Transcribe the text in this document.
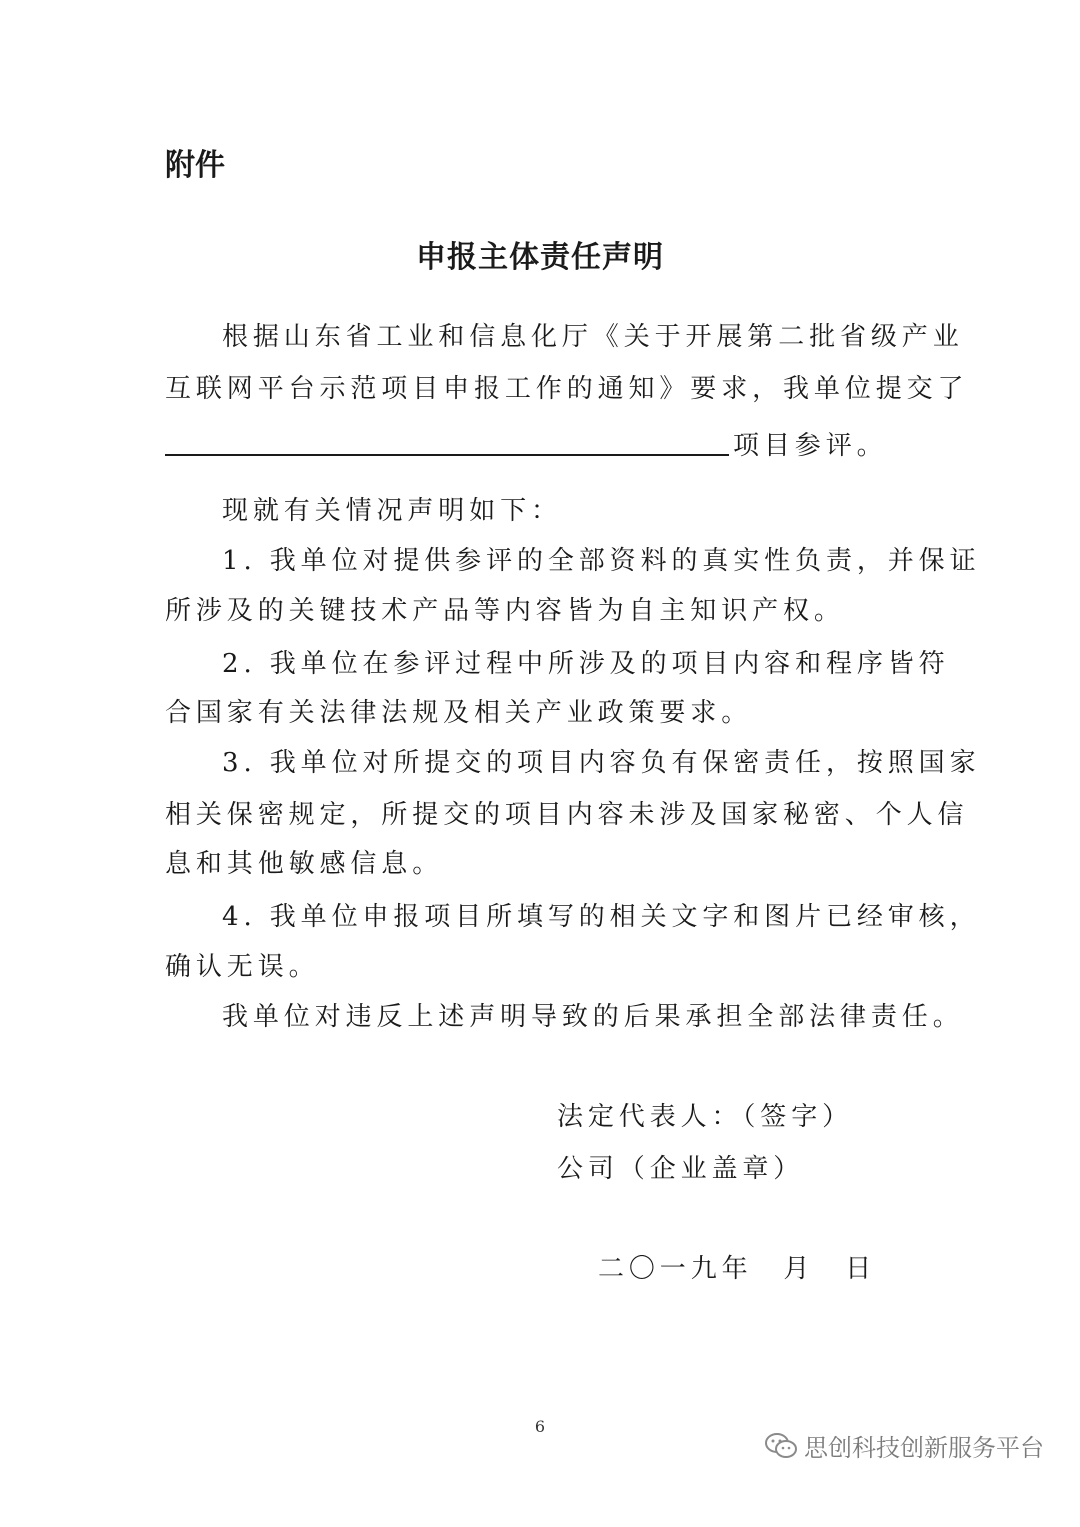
附件
申报主体责任声明
根据山东省工业和信息化厅《关于开展第二批省级产业
互联网平台示范项目申报工作的通知》要求，我单位提交了
项目参评。
现就有关情况声明如下：
1. 我单位对提供参评的全部资料的真实性负责，并保证
所涉及的关键技术产品等内容皆为自主知识产权。
2. 我单位在参评过程中所涉及的项目内容和程序皆符
合国家有关法律法规及相关产业政策要求。
3. 我单位对所提交的项目内容负有保密责任，按照国家
相关保密规定，所提交的项目内容未涉及国家秘密、个人信
息和其他敏感信息。
4. 我单位申报项目所填写的相关文字和图片已经审核，
确认无误。
我单位对违反上述声明导致的后果承担全部法律责任。
法定代表人：（签字）
公司（企业盖章）
二〇一九年　月　日
6
思创科技创新服务平台
